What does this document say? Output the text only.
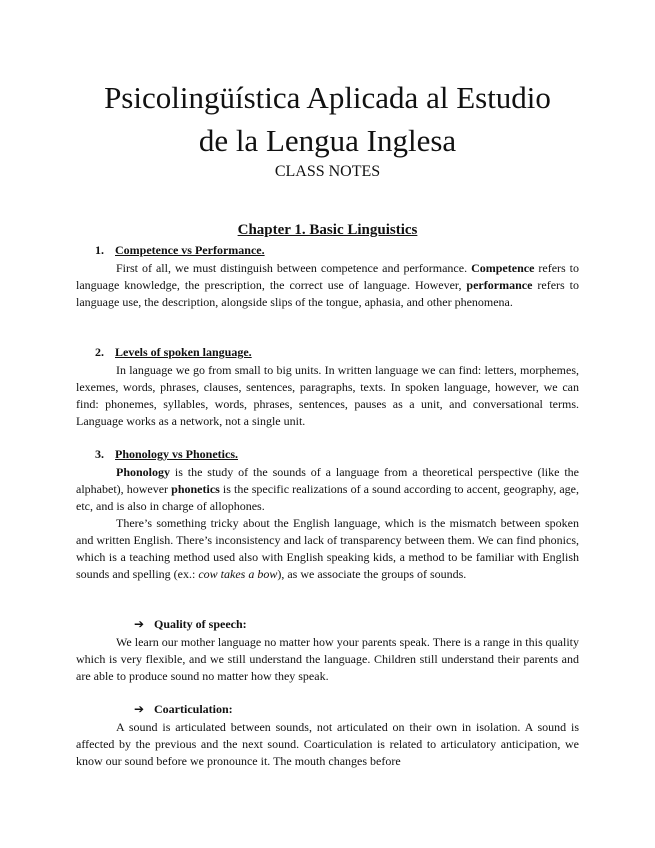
Psicolingüística Aplicada al Estudio
de la Lengua Inglesa
CLASS NOTES
Chapter 1. Basic Linguistics
1. Competence vs Performance.

First of all, we must distinguish between competence and performance. Competence refers to language knowledge, the prescription, the correct use of language. However, performance refers to language use, the description, alongside slips of the tongue, aphasia, and other phenomena.

2. Levels of spoken language.

In language we go from small to big units. In written language we can find: letters, morphemes, lexemes, words, phrases, clauses, sentences, paragraphs, texts. In spoken language, however, we can find: phonemes, syllables, words, phrases, sentences, pauses as a unit, and conversational terms. Language works as a network, not a single unit.

3. Phonology vs Phonetics.

Phonology is the study of the sounds of a language from a theoretical perspective (like the alphabet), however phonetics is the specific realizations of a sound according to accent, geography, age, etc, and is also in charge of allophones.

There’s something tricky about the English language, which is the mismatch between spoken and written English. There’s inconsistency and lack of transparency between them. We can find phonics, which is a teaching method used also with English speaking kids, a method to be familiar with English sounds and spelling (ex.: cow takes a bow), as we associate the groups of sounds.

➔ Quality of speech:

We learn our mother language no matter how your parents speak. There is a range in this quality which is very flexible, and we still understand the language. Children still understand their parents and are able to produce sound no matter how they speak.

➔ Coarticulation:

A sound is articulated between sounds, not articulated on their own in isolation. A sound is affected by the previous and the next sound. Coarticulation is related to articulatory anticipation, we know our sound before we pronounce it. The mouth changes before
